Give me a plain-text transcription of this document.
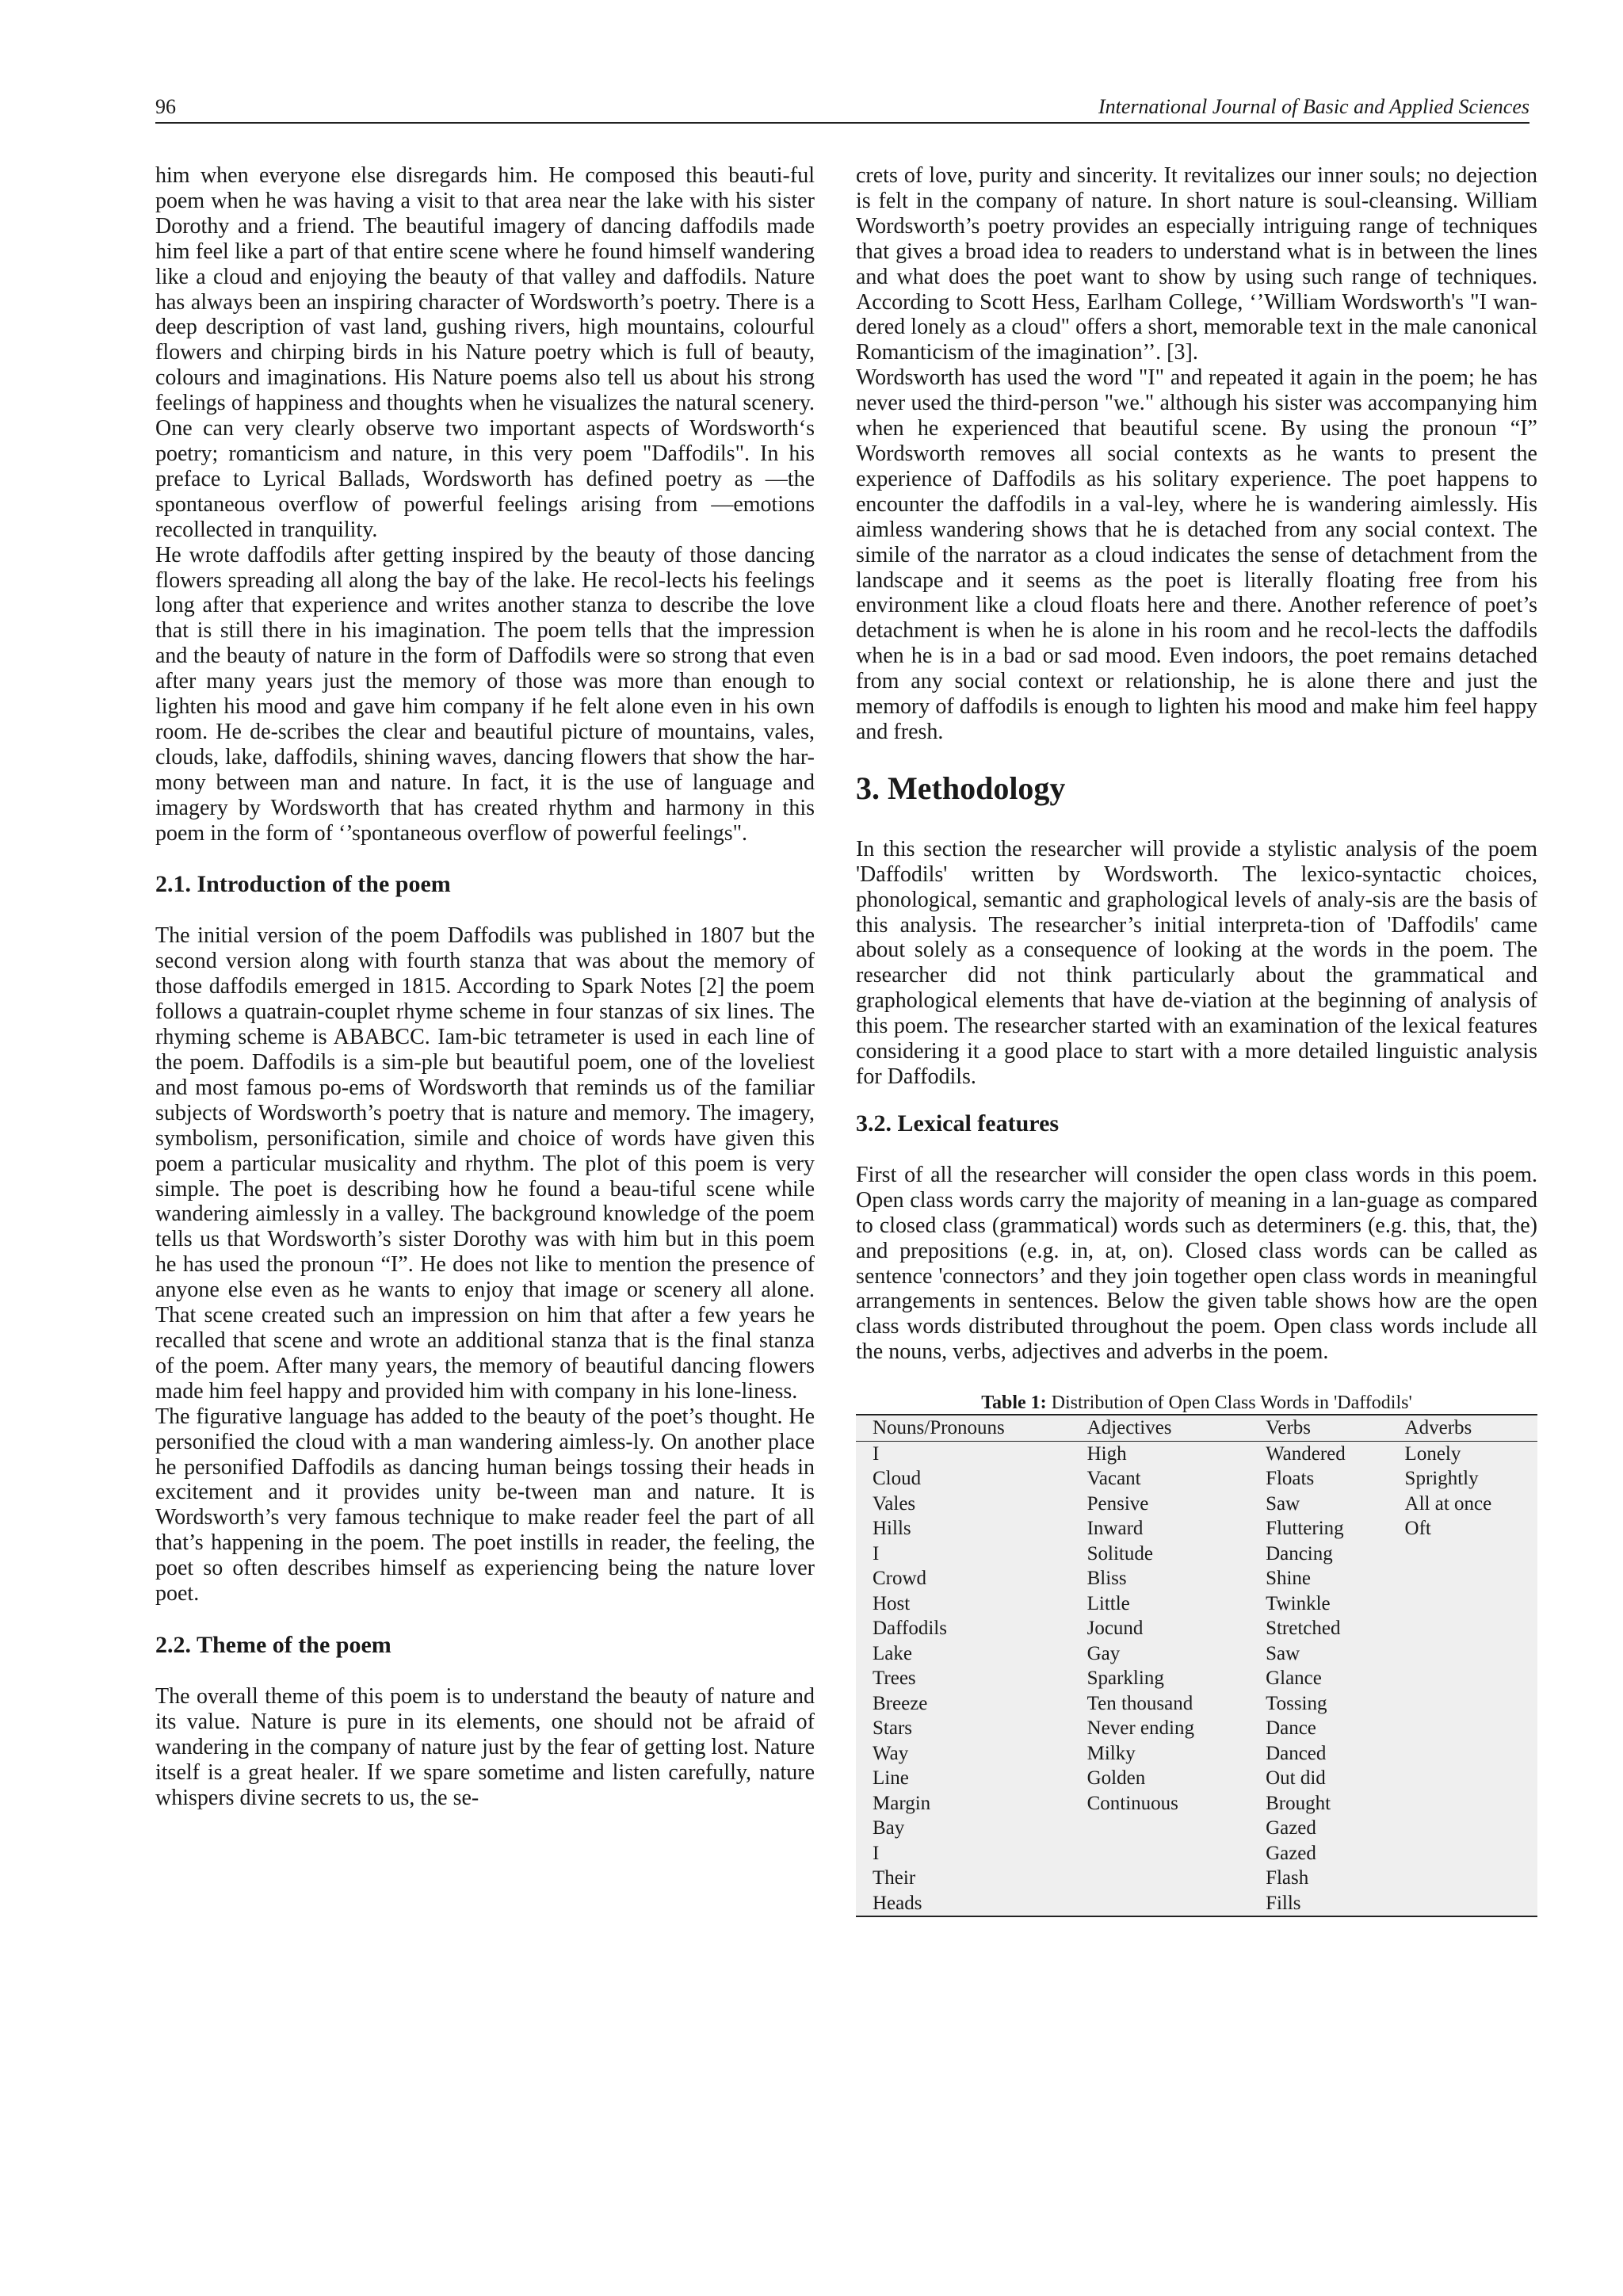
96	International Journal of Basic and Applied Sciences

him when everyone else disregards him. He composed this beauti-ful poem when he was having a visit to that area near the lake with his sister Dorothy and a friend. The beautiful imagery of dancing daffodils made him feel like a part of that entire scene where he found himself wandering like a cloud and enjoying the beauty of that valley and daffodils. Nature has always been an inspiring character of Wordsworth’s poetry. There is a deep description of vast land, gushing rivers, high mountains, colourful flowers and chirping birds in his Nature poetry which is full of beauty, colours and imaginations. His Nature poems also tell us about his strong feelings of happiness and thoughts when he visualizes the natural scenery. One can very clearly observe two important aspects of Wordsworth‘s poetry; romanticism and nature, in this very poem "Daffodils". In his preface to Lyrical Ballads, Wordsworth has defined poetry as ―the spontaneous overflow of powerful feelings arising from ―emotions recollected in tranquility.

He wrote daffodils after getting inspired by the beauty of those dancing flowers spreading all along the bay of the lake. He recol-lects his feelings long after that experience and writes another stanza to describe the love that is still there in his imagination. The poem tells that the impression and the beauty of nature in the form of Daffodils were so strong that even after many years just the memory of those was more than enough to lighten his mood and gave him company if he felt alone even in his own room. He de-scribes the clear and beautiful picture of mountains, vales, clouds, lake, daffodils, shining waves, dancing flowers that show the har-mony between man and nature. In fact, it is the use of language and imagery by Wordsworth that has created rhythm and harmony in this poem in the form of ‘’spontaneous overflow of powerful feelings".

2.1. Introduction of the poem

The initial version of the poem Daffodils was published in 1807 but the second version along with fourth stanza that was about the memory of those daffodils emerged in 1815. According to Spark Notes [2] the poem follows a quatrain-couplet rhyme scheme in four stanzas of six lines. The rhyming scheme is ABABCC. Iam-bic tetrameter is used in each line of the poem. Daffodils is a sim-ple but beautiful poem, one of the loveliest and most famous po-ems of Wordsworth that reminds us of the familiar subjects of Wordsworth’s poetry that is nature and memory. The imagery, symbolism, personification, simile and choice of words have given this poem a particular musicality and rhythm. The plot of this poem is very simple. The poet is describing how he found a beau-tiful scene while wandering aimlessly in a valley. The background knowledge of the poem tells us that Wordsworth’s sister Dorothy was with him but in this poem he has used the pronoun “I”. He does not like to mention the presence of anyone else even as he wants to enjoy that image or scenery all alone. That scene created such an impression on him that after a few years he recalled that scene and wrote an additional stanza that is the final stanza of the poem. After many years, the memory of beautiful dancing flowers made him feel happy and provided him with company in his lone-liness.

The figurative language has added to the beauty of the poet’s thought. He personified the cloud with a man wandering aimless-ly. On another place he personified Daffodils as dancing human beings tossing their heads in excitement and it provides unity be-tween man and nature. It is Wordsworth’s very famous technique to make reader feel the part of all that’s happening in the poem. The poet instills in reader, the feeling, the poet so often describes himself as experiencing being the nature lover poet.

2.2. Theme of the poem

The overall theme of this poem is to understand the beauty of nature and its value. Nature is pure in its elements, one should not be afraid of wandering in the company of nature just by the fear of getting lost. Nature itself is a great healer. If we spare sometime and listen carefully, nature whispers divine secrets to us, the se-

crets of love, purity and sincerity. It revitalizes our inner souls; no dejection is felt in the company of nature. In short nature is soul-cleansing. William Wordsworth’s poetry provides an especially intriguing range of techniques that gives a broad idea to readers to understand what is in between the lines and what does the poet want to show by using such range of techniques. According to Scott Hess, Earlham College, ‘’William Wordsworth's "I wan-dered lonely as a cloud" offers a short, memorable text in the male canonical Romanticism of the imagination’’. [3].

Wordsworth has used the word "I" and repeated it again in the poem; he has never used the third-person "we." although his sister was accompanying him when he experienced that beautiful scene. By using the pronoun “I” Wordsworth removes all social contexts as he wants to present the experience of Daffodils as his solitary experience. The poet happens to encounter the daffodils in a val-ley, where he is wandering aimlessly. His aimless wandering shows that he is detached from any social context. The simile of the narrator as a cloud indicates the sense of detachment from the landscape and it seems as the poet is literally floating free from his environment like a cloud floats here and there. Another reference of poet’s detachment is when he is alone in his room and he recol-lects the daffodils when he is in a bad or sad mood. Even indoors, the poet remains detached from any social context or relationship, he is alone there and just the memory of daffodils is enough to lighten his mood and make him feel happy and fresh.

3. Methodology

In this section the researcher will provide a stylistic analysis of the poem 'Daffodils' written by Wordsworth. The lexico-syntactic choices, phonological, semantic and graphological levels of analy-sis are the basis of this analysis. The researcher’s initial interpreta-tion of 'Daffodils' came about solely as a consequence of looking at the words in the poem. The researcher did not think particularly about the grammatical and graphological elements that have de-viation at the beginning of analysis of this poem. The researcher started with an examination of the lexical features considering it a good place to start with a more detailed linguistic analysis for Daffodils.

3.2. Lexical features

First of all the researcher will consider the open class words in this poem. Open class words carry the majority of meaning in a lan-guage as compared to closed class (grammatical) words such as determiners (e.g. this, that, the) and prepositions (e.g. in, at, on). Closed class words can be called as sentence 'connectors’ and they join together open class words in meaningful arrangements in sentences. Below the given table shows how are the open class words distributed throughout the poem. Open class words include all the nouns, verbs, adjectives and adverbs in the poem.

Table 1: Distribution of Open Class Words in 'Daffodils'

Nouns/Pronouns	Adjectives	Verbs	Adverbs
I	High	Wandered	Lonely
Cloud	Vacant	Floats	Sprightly
Vales	Pensive	Saw	All at once
Hills	Inward	Fluttering	Oft
I	Solitude	Dancing	
Crowd	Bliss	Shine	
Host	Little	Twinkle	
Daffodils	Jocund	Stretched	
Lake	Gay	Saw	
Trees	Sparkling	Glance	
Breeze	Ten thousand	Tossing	
Stars	Never ending	Dance	
Way	Milky	Danced	
Line	Golden	Out did	
Margin	Continuous	Brought	
Bay		Gazed	
I		Gazed	
Their		Flash	
Heads		Fills	
